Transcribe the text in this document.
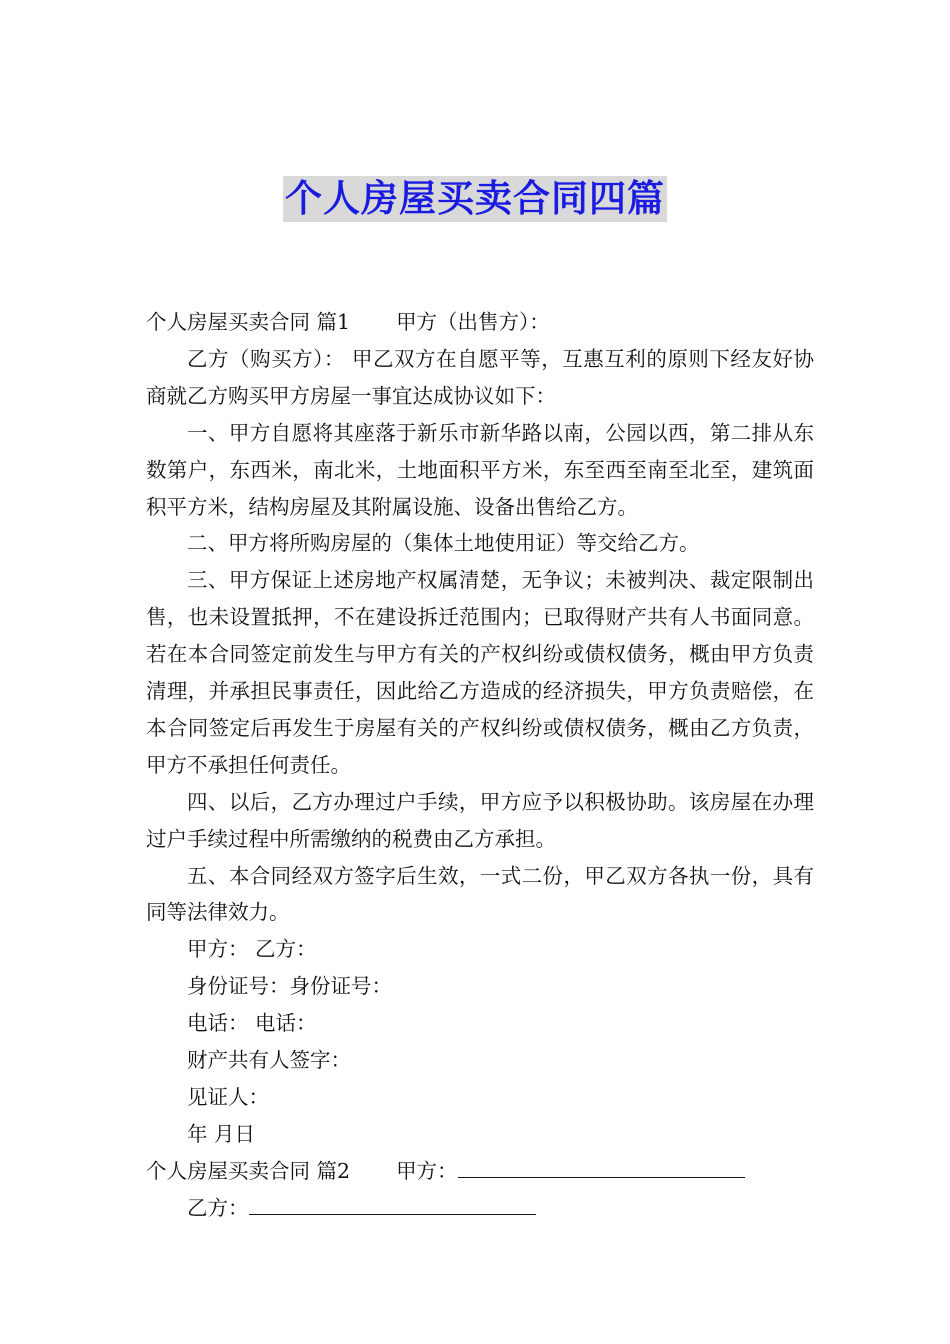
个人房屋买卖合同四篇
个人房屋买卖合同 篇1 甲方（出售方）：
乙方（购买方）： 甲乙双方在自愿平等，互惠互利的原则下经友好协商就乙方购买甲方房屋一事宜达成协议如下：
一、甲方自愿将其座落于新乐市新华路以南，公园以西，第二排从东数第户，东西米，南北米，土地面积平方米，东至西至南至北至，建筑面积平方米，结构房屋及其附属设施、设备出售给乙方。
二、甲方将所购房屋的（集体土地使用证）等交给乙方。
三、甲方保证上述房地产权属清楚，无争议；未被判决、裁定限制出售，也未设置抵押，不在建设拆迁范围内；已取得财产共有人书面同意。若在本合同签定前发生与甲方有关的产权纠纷或债权债务，概由甲方负责清理，并承担民事责任，因此给乙方造成的经济损失，甲方负责赔偿，在本合同签定后再发生于房屋有关的产权纠纷或债权债务，概由乙方负责，甲方不承担任何责任。
四、以后，乙方办理过户手续，甲方应予以积极协助。该房屋在办理过户手续过程中所需缴纳的税费由乙方承担。
五、本合同经双方签字后生效，一式二份，甲乙双方各执一份，具有同等法律效力。
甲方： 乙方：
身份证号：身份证号：
电话： 电话：
财产共有人签字：
见证人：
年 月日
个人房屋买卖合同 篇2 甲方：
乙方：
